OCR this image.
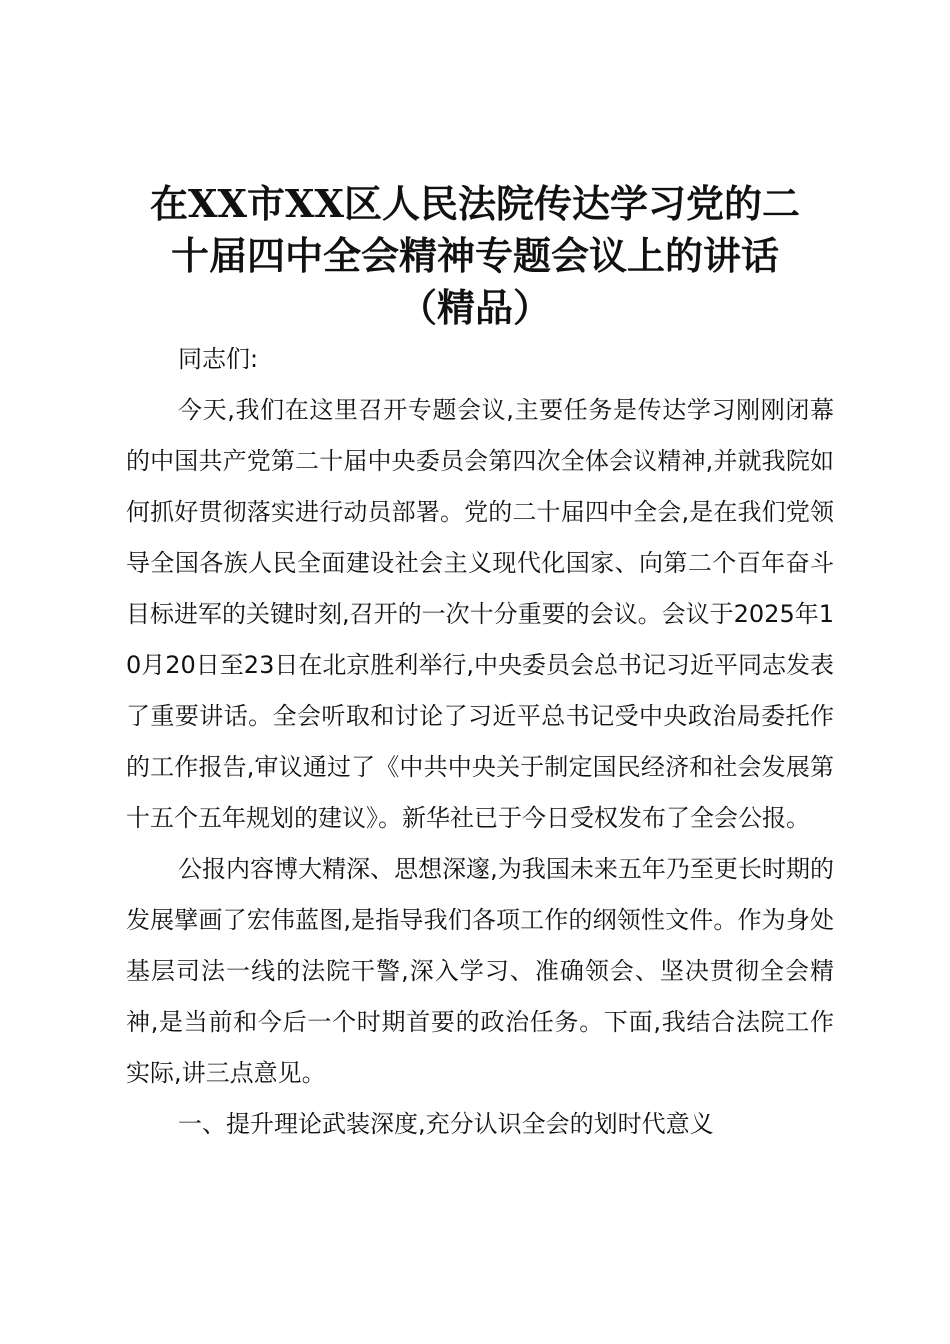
在XX市XX区人民法院传达学习党的二
十届四中全会精神专题会议上的讲话
（精品）

同志们:

今天,我们在这里召开专题会议,主要任务是传达学习刚刚闭幕的中国共产党第二十届中央委员会第四次全体会议精神,并就我院如何抓好贯彻落实进行动员部署。党的二十届四中全会,是在我们党领导全国各族人民全面建设社会主义现代化国家、向第二个百年奋斗目标进军的关键时刻,召开的一次十分重要的会议。会议于2025年10月20日至23日在北京胜利举行,中央委员会总书记习近平同志发表了重要讲话。全会听取和讨论了习近平总书记受中央政治局委托作的工作报告,审议通过了《中共中央关于制定国民经济和社会发展第十五个五年规划的建议》。新华社已于今日受权发布了全会公报。

公报内容博大精深、思想深邃,为我国未来五年乃至更长时期的发展擘画了宏伟蓝图,是指导我们各项工作的纲领性文件。作为身处基层司法一线的法院干警,深入学习、准确领会、坚决贯彻全会精神,是当前和今后一个时期首要的政治任务。下面,我结合法院工作实际,讲三点意见。

一、提升理论武装深度,充分认识全会的划时代意义
